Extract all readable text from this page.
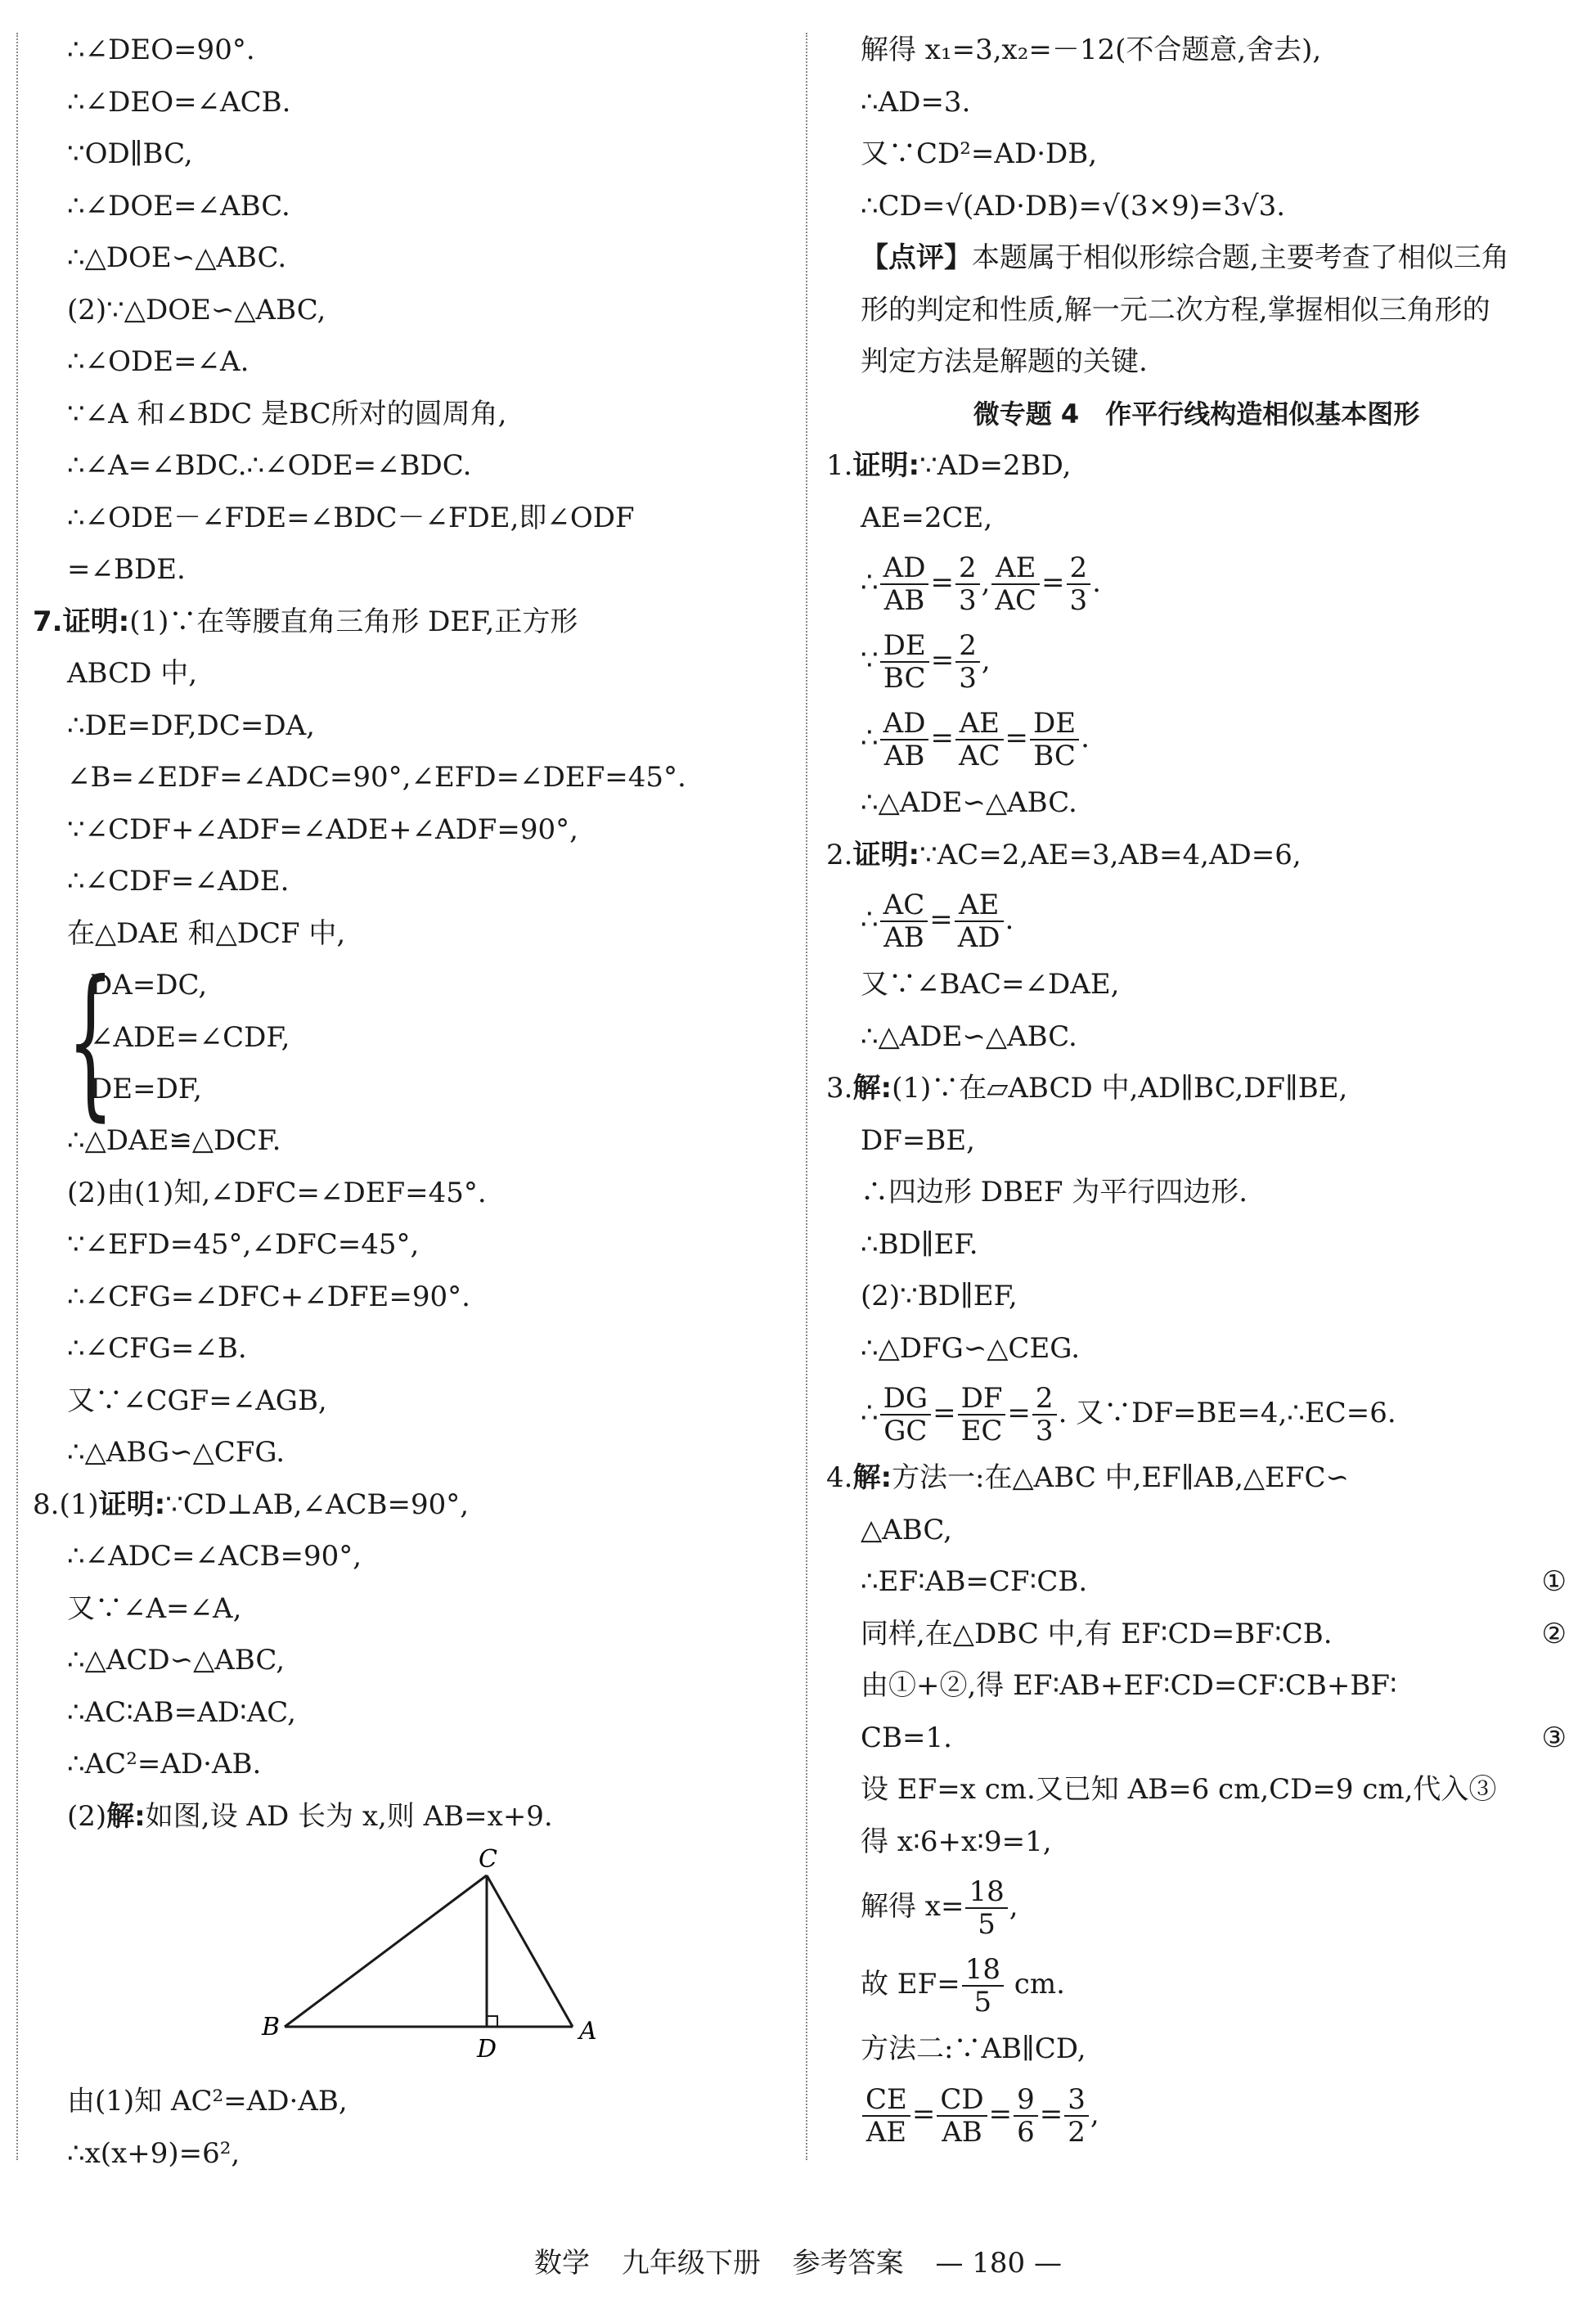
∴∠DEO=90°.
∴∠DEO=∠ACB.
∵OD∥BC,
∴∠DOE=∠ABC.
∴△DOE∽△ABC.
(2)∵△DOE∽△ABC,
∴∠ODE=∠A.
∵∠A 和∠BDC 是BC所对的圆周角,
∴∠A=∠BDC.∴∠ODE=∠BDC.
∴∠ODE－∠FDE=∠BDC－∠FDE,即∠ODF
=∠BDE.
7.证明:(1)∵在等腰直角三角形 DEF,正方形
ABCD 中,
∴DE=DF,DC=DA,
∠B=∠EDF=∠ADC=90°,∠EFD=∠DEF=45°.
∵∠CDF+∠ADF=∠ADE+∠ADF=90°,
∴∠CDF=∠ADE.
在△DAE 和△DCF 中,
{
DA=DC,
∠ADE=∠CDF,
DE=DF,
∴△DAE≌△DCF.
(2)由(1)知,∠DFC=∠DEF=45°.
∵∠EFD=45°,∠DFC=45°,
∴∠CFG=∠DFC+∠DFE=90°.
∴∠CFG=∠B.
又∵∠CGF=∠AGB,
∴△ABG∽△CFG.
8.(1)证明:∵CD⊥AB,∠ACB=90°,
∴∠ADC=∠ACB=90°,
又∵∠A=∠A,
∴△ACD∽△ABC,
∴AC∶AB=AD∶AC,
∴AC²=AD·AB.
(2)解:如图,设 AD 长为 x,则 AB=x+9.
B
C
D
A
由(1)知 AC²=AD·AB,
∴x(x+9)=6²,
解得 x₁=3,x₂=－12(不合题意,舍去),
∴AD=3.
又∵CD²=AD·DB,
∴CD=√(AD·DB)=√(3×9)=3√3.
【点评】本题属于相似形综合题,主要考查了相似三角
形的判定和性质,解一元二次方程,掌握相似三角形的
判定方法是解题的关键.
微专题 4　作平行线构造相似基本图形
1.证明:∵AD=2BD,
AE=2CE,
∴ $\frac{AD}{AB} = \frac{2}{3}$ , $\frac{AE}{AC} = \frac{2}{3}$ .
∵ $\frac{DE}{BC} = \frac{2}{3}$ ,
∴ $\frac{AD}{AB} = \frac{AE}{AC} = \frac{DE}{BC}$ .
∴△ADE∽△ABC.
2.证明:∵AC=2,AE=3,AB=4,AD=6,
∴ $\frac{AC}{AB} = \frac{AE}{AD}$ .
又∵∠BAC=∠DAE,
∴△ADE∽△ABC.
3.解:(1)∵在▱ABCD 中,AD∥BC,DF∥BE,
DF=BE,
∴四边形 DBEF 为平行四边形.
∴BD∥EF.
(2)∵BD∥EF,
∴△DFG∽△CEG.
∴ $\frac{DG}{GC} = \frac{DF}{EC} = \frac{2}{3}$ . 又∵DF=BE=4,∴EC=6.
4.解:方法一:在△ABC 中,EF∥AB,△EFC∽
△ABC,
∴EF∶AB=CF∶CB.	①
同样,在△DBC 中,有 EF∶CD=BF∶CB.	②
由①+②,得 EF∶AB+EF∶CD=CF∶CB+BF∶
CB=1.	③
设 EF=x cm.又已知 AB=6 cm,CD=9 cm,代入③
得 x∶6+x∶9=1,
解得 $x= \frac{18}{5}$ ,
故 $EF= \frac{18}{5}$ cm.
方法二:∵AB∥CD,
$\frac{CE}{AE} = \frac{CD}{AB} = \frac{9}{6} = \frac{3}{2}$ ,
数学 九年级下册 参考答案 — 180 —
